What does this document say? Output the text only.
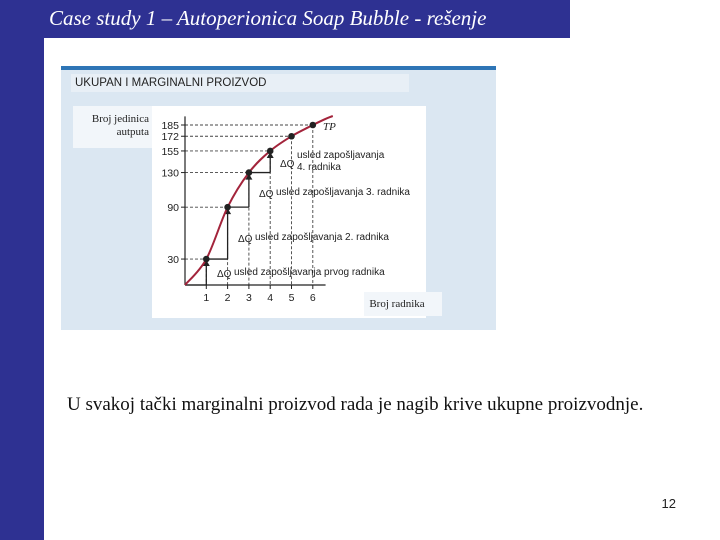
Case study 1 – Autoperionica Soap Bubble - rešenje
UKUPAN I MARGINALNI PROIZVOD
Broj jedinica
autputa
Broj radnika
30
1
90
2
130
3
155
4
172
5
185
6
ΔQ usled zapošljavanja prvog radnika
ΔQ usled zapošljavanja 2. radnika
ΔQ usled zapošljavanja 3. radnika
ΔQ
usled zapošljavanja
4. radnika
TP
U svakoj tački marginalni proizvod rada je nagib krive ukupne proizvodnje.
12
